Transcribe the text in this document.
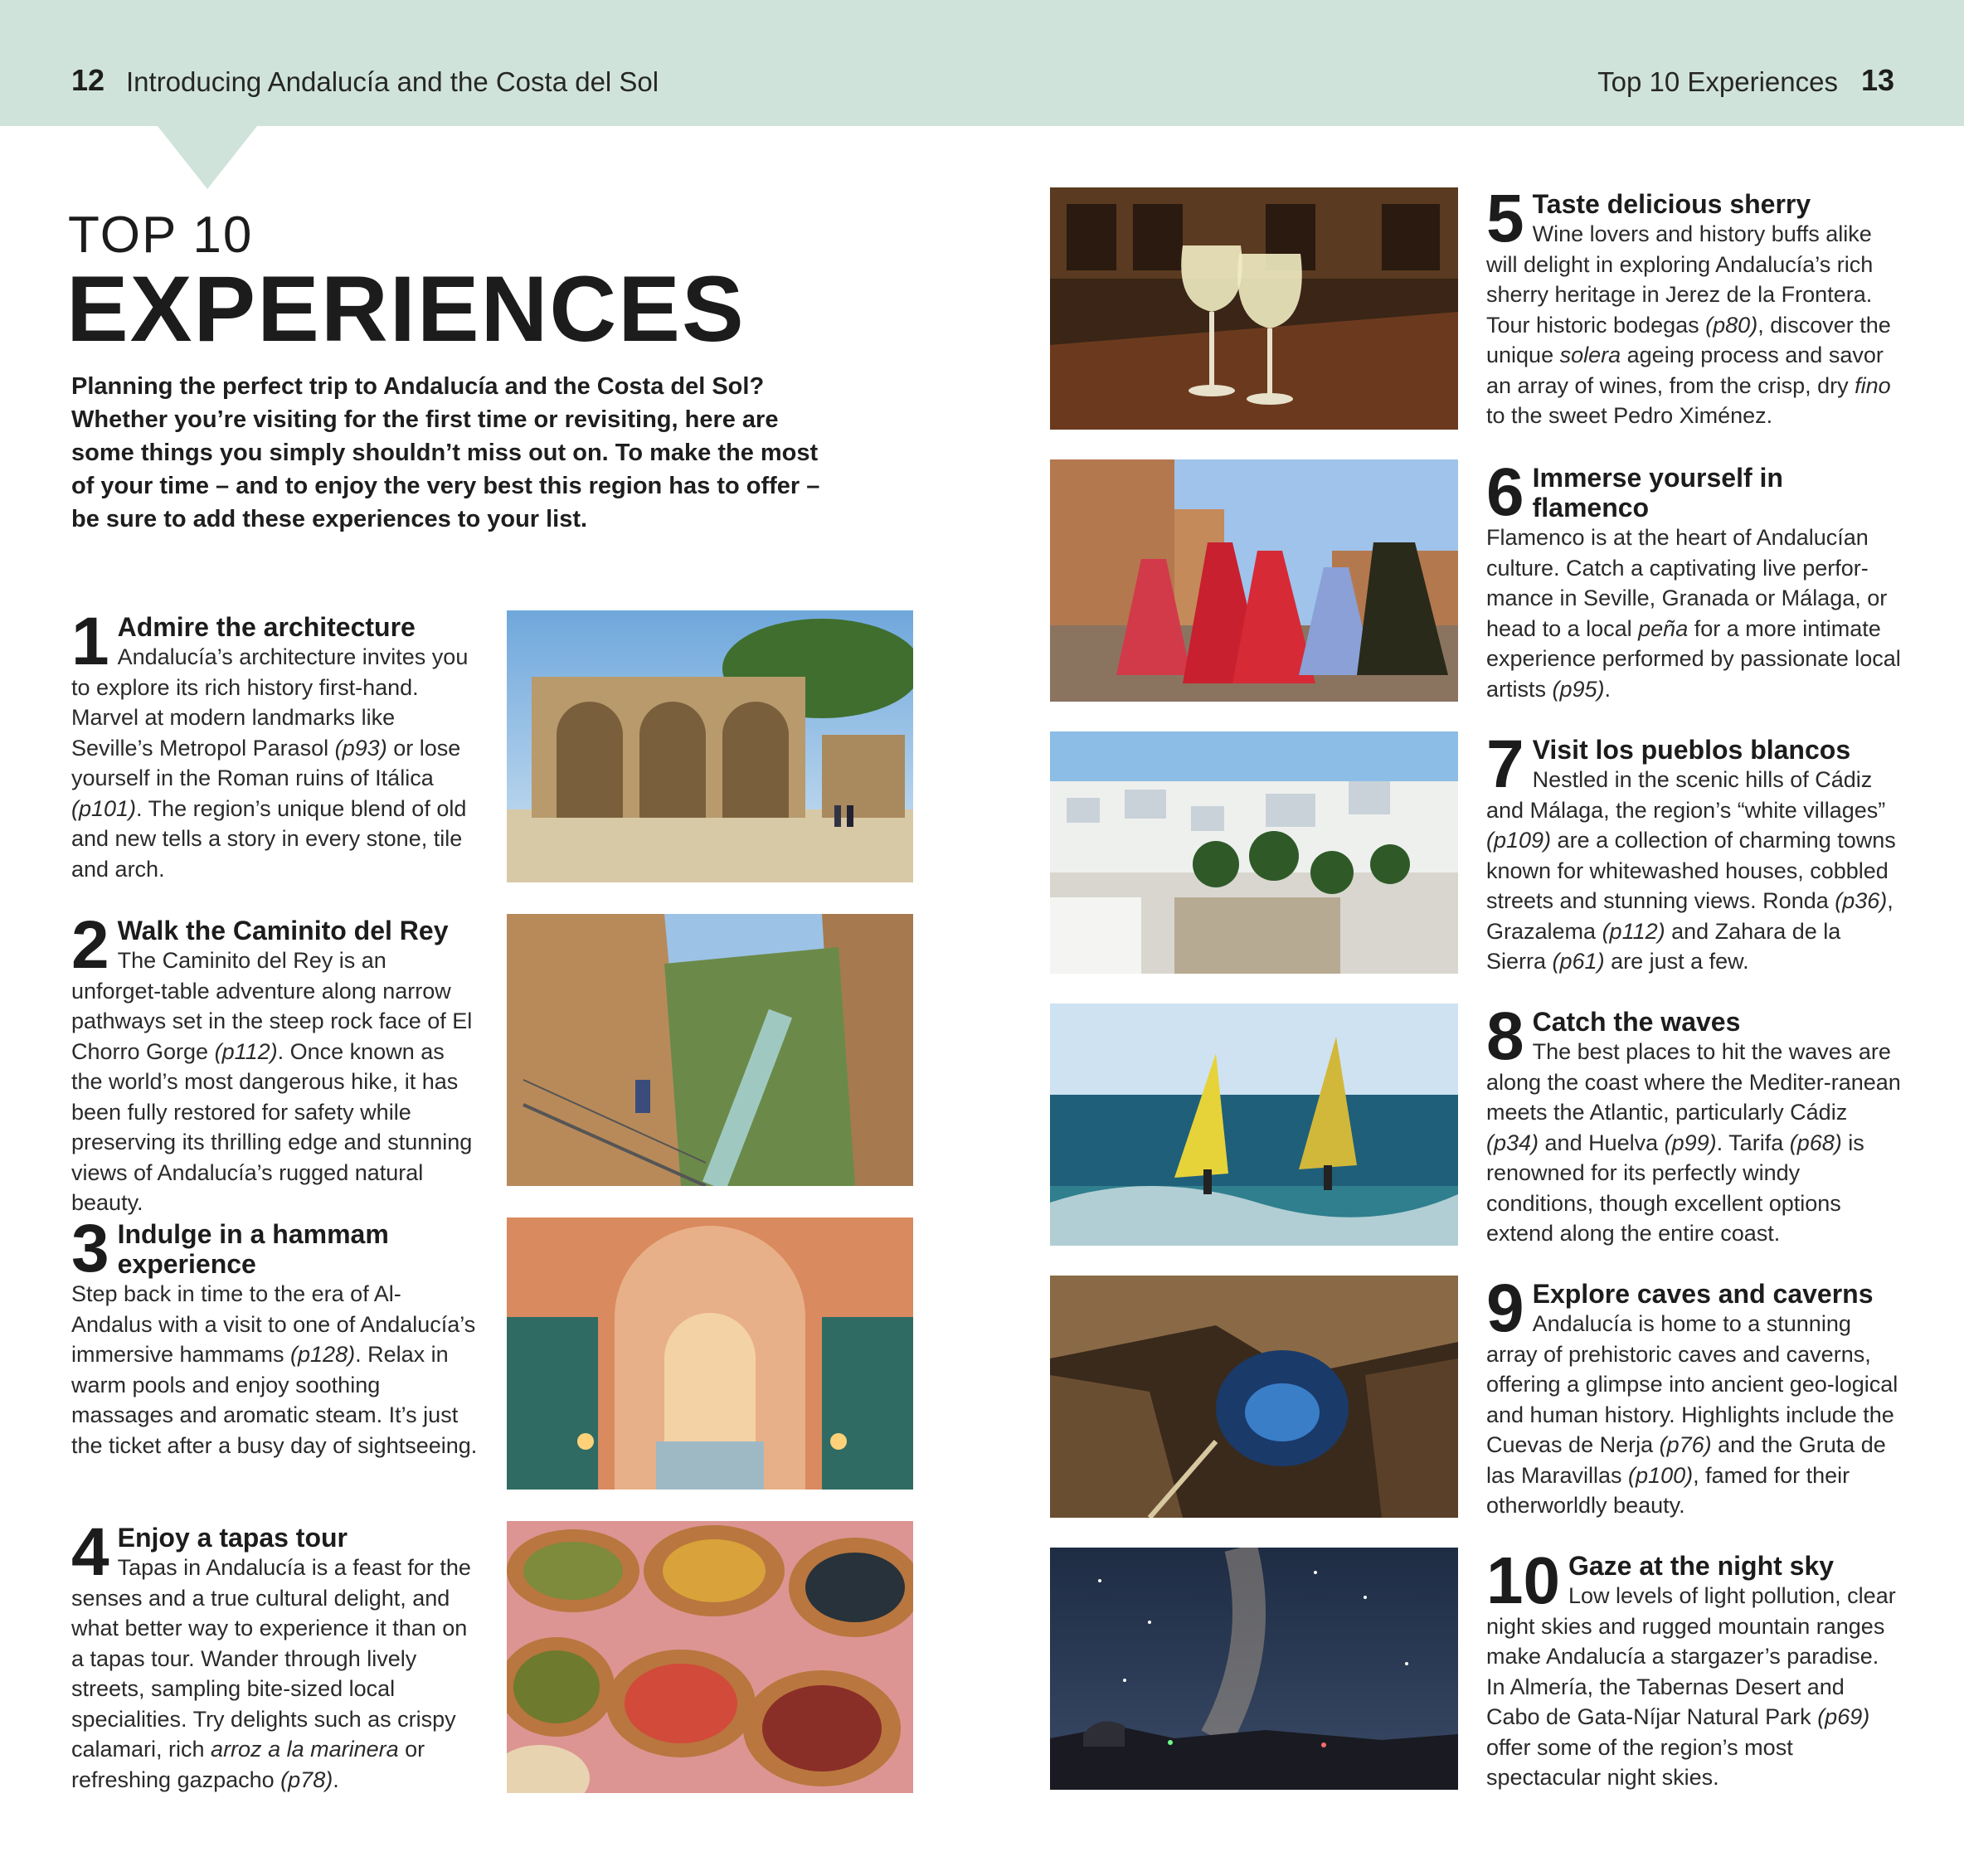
12 Introducing Andalucía and the Costa del Sol	Top 10 Experiences 13
TOP 10
EXPERIENCES
Planning the perfect trip to Andalucía and the Costa del Sol? Whether you’re visiting for the first time or revisiting, here are some things you simply shouldn’t miss out on. To make the most of your time – and to enjoy the very best this region has to offer – be sure to add these experiences to your list.
1 Admire the architecture
Andalucía’s architecture invites you to explore its rich history first-hand. Marvel at modern landmarks like Seville’s Metropol Parasol (p93) or lose yourself in the Roman ruins of Itálica (p101). The region’s unique blend of old and new tells a story in every stone, tile and arch.
2 Walk the Caminito del Rey
The Caminito del Rey is an unforget-table adventure along narrow pathways set in the steep rock face of El Chorro Gorge (p112). Once known as the world’s most dangerous hike, it has been fully restored for safety while preserving its thrilling edge and stunning views of Andalucía’s rugged natural beauty.
3 Indulge in a hammam experience
Step back in time to the era of Al-Andalus with a visit to one of Andalucía’s immersive hammams (p128). Relax in warm pools and enjoy soothing massages and aromatic steam. It’s just the ticket after a busy day of sightseeing.
4 Enjoy a tapas tour
Tapas in Andalucía is a feast for the senses and a true cultural delight, and what better way to experience it than on a tapas tour. Wander through lively streets, sampling bite-sized local specialities. Try delights such as crispy calamari, rich arroz a la marinera or refreshing gazpacho (p78).
5 Taste delicious sherry
Wine lovers and history buffs alike will delight in exploring Andalucía’s rich sherry heritage in Jerez de la Frontera. Tour historic bodegas (p80), discover the unique solera ageing process and savor an array of wines, from the crisp, dry fino to the sweet Pedro Ximénez.
6 Immerse yourself in flamenco
Flamenco is at the heart of Andalucían culture. Catch a captivating live perfor-mance in Seville, Granada or Málaga, or head to a local peña for a more intimate experience performed by passionate local artists (p95).
7 Visit los pueblos blancos
Nestled in the scenic hills of Cádiz and Málaga, the region’s “white villages” (p109) are a collection of charming towns known for whitewashed houses, cobbled streets and stunning views. Ronda (p36), Grazalema (p112) and Zahara de la Sierra (p61) are just a few.
8 Catch the waves
The best places to hit the waves are along the coast where the Mediter-ranean meets the Atlantic, particularly Cádiz (p34) and Huelva (p99). Tarifa (p68) is renowned for its perfectly windy conditions, though excellent options extend along the entire coast.
9 Explore caves and caverns
Andalucía is home to a stunning array of prehistoric caves and caverns, offering a glimpse into ancient geo-logical and human history. Highlights include the Cuevas de Nerja (p76) and the Gruta de las Maravillas (p100), famed for their otherworldly beauty.
10 Gaze at the night sky
Low levels of light pollution, clear night skies and rugged mountain ranges make Andalucía a stargazer’s paradise. In Almería, the Tabernas Desert and Cabo de Gata-Níjar Natural Park (p69) offer some of the region’s most spectacular night skies.
